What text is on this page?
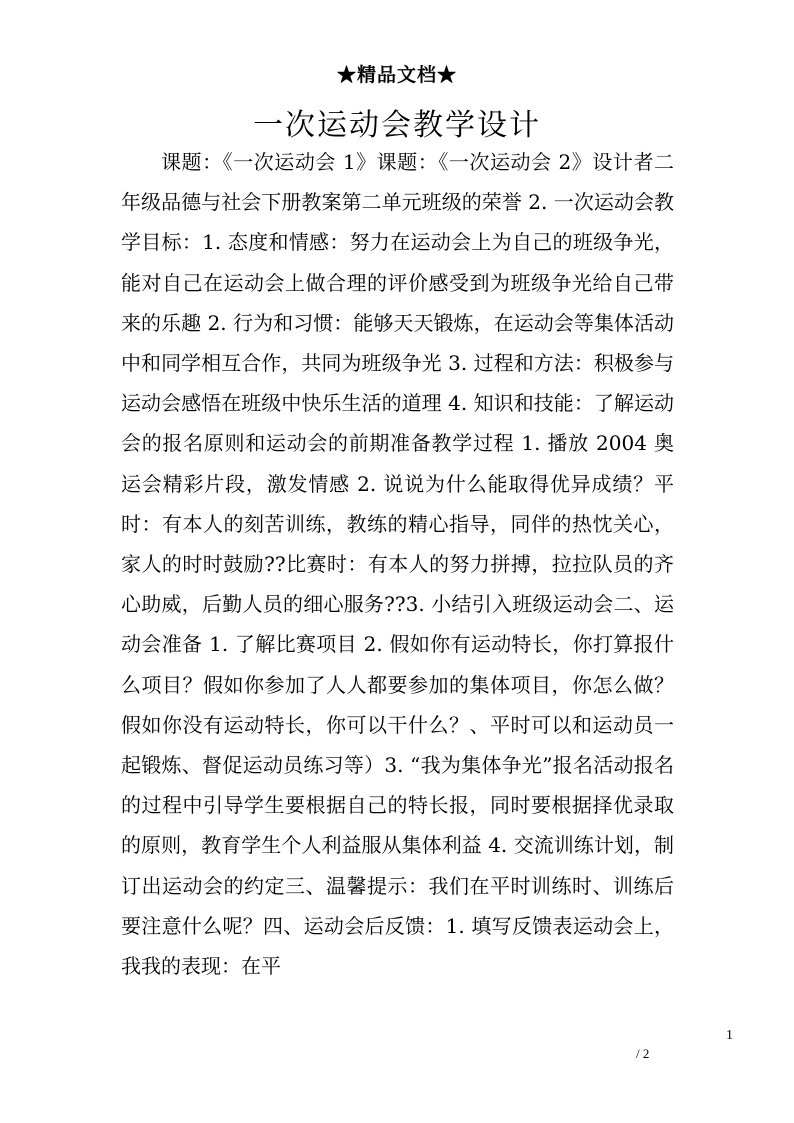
★精品文档★
一次运动会教学设计

课题：《一次运动会 1》课题：《一次运动会 2》设计者二年级品德与社会下册教案第二单元班级的荣誉 2. 一次运动会教学目标：1. 态度和情感：努力在运动会上为自己的班级争光，能对自己在运动会上做合理的评价感受到为班级争光给自己带来的乐趣 2. 行为和习惯：能够天天锻炼，在运动会等集体活动中和同学相互合作，共同为班级争光 3. 过程和方法：积极参与运动会感悟在班级中快乐生活的道理 4. 知识和技能：了解运动会的报名原则和运动会的前期准备教学过程 1. 播放 2004 奥运会精彩片段，激发情感 2. 说说为什么能取得优异成绩？平时：有本人的刻苦训练，教练的精心指导，同伴的热忱关心，家人的时时鼓励??比赛时：有本人的努力拼搏，拉拉队员的齐心助威，后勤人员的细心服务??3. 小结引入班级运动会二、运动会准备 1. 了解比赛项目 2. 假如你有运动特长，你打算报什么项目？假如你参加了人人都要参加的集体项目，你怎么做？假如你没有运动特长，你可以干什么？、平时可以和运动员一起锻炼、督促运动员练习等）3. “我为集体争光”报名活动报名的过程中引导学生要根据自己的特长报，同时要根据择优录取的原则，教育学生个人利益服从集体利益 4. 交流训练计划，制订出运动会的约定三、温馨提示：我们在平时训练时、训练后要注意什么呢？四、运动会后反馈：1. 填写反馈表运动会上，我我的表现：在平

1
/ 2
